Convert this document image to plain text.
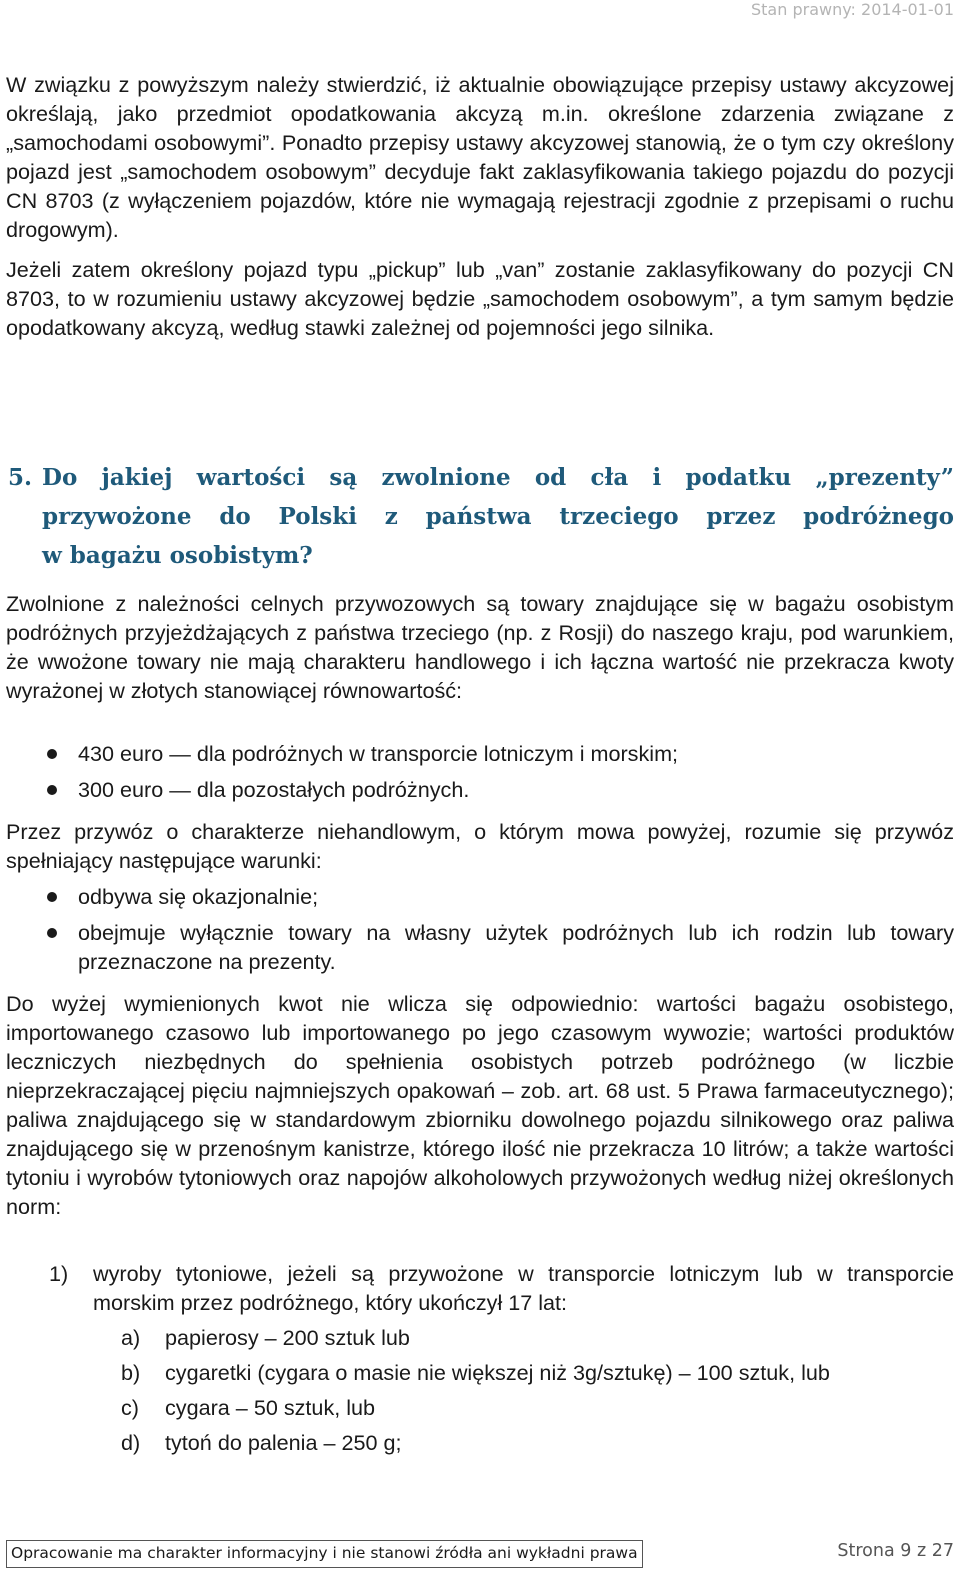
Stan prawny: 2014-01-01

W związku z powyższym należy stwierdzić, iż aktualnie obowiązujące przepisy ustawy akcyzowej określają, jako przedmiot opodatkowania akcyzą m.in. określone zdarzenia związane z „samochodami osobowymi”. Ponadto przepisy ustawy akcyzowej stanowią, że o tym czy określony pojazd jest „samochodem osobowym” decyduje fakt zaklasyfikowania takiego pojazdu do pozycji CN 8703 (z wyłączeniem pojazdów, które nie wymagają rejestracji zgodnie z przepisami o ruchu drogowym).

Jeżeli zatem określony pojazd typu „pickup” lub „van” zostanie zaklasyfikowany do pozycji CN 8703, to w rozumieniu ustawy akcyzowej będzie „samochodem osobowym”, a tym samym będzie opodatkowany akcyzą, według stawki zależnej od pojemności jego silnika.

5. Do jakiej wartości są zwolnione od cła i podatku „prezenty”
przywożone do Polski z państwa trzeciego przez podróżnego
w bagażu osobistym?

Zwolnione z należności celnych przywozowych są towary znajdujące się w bagażu osobistym podróżnych przyjeżdżających z państwa trzeciego (np. z Rosji) do naszego kraju, pod warunkiem, że wwożone towary nie mają charakteru handlowego i ich łączna wartość nie przekracza kwoty wyrażonej w złotych stanowiącej równowartość:

430 euro — dla podróżnych w transporcie lotniczym i morskim;
300 euro — dla pozostałych podróżnych.

Przez przywóz o charakterze niehandlowym, o którym mowa powyżej, rozumie się przywóz spełniający następujące warunki:

odbywa się okazjonalnie;
obejmuje wyłącznie towary na własny użytek podróżnych lub ich rodzin lub towary przeznaczone na prezenty.

Do wyżej wymienionych kwot nie wlicza się odpowiednio: wartości bagażu osobistego, importowanego czasowo lub importowanego po jego czasowym wywozie; wartości produktów leczniczych niezbędnych do spełnienia osobistych potrzeb podróżnego (w liczbie nieprzekraczającej pięciu najmniejszych opakowań – zob. art. 68 ust. 5 Prawa farmaceutycznego); paliwa znajdującego się w standardowym zbiorniku dowolnego pojazdu silnikowego oraz paliwa znajdującego się w przenośnym kanistrze, którego ilość nie przekracza 10 litrów; a także wartości tytoniu i wyrobów tytoniowych oraz napojów alkoholowych przywożonych według niżej określonych norm:

1) wyroby tytoniowe, jeżeli są przywożone w transporcie lotniczym lub w transporcie morskim przez podróżnego, który ukończył 17 lat:
a) papierosy – 200 sztuk lub
b) cygaretki (cygara o masie nie większej niż 3g/sztukę) – 100 sztuk, lub
c) cygara – 50 sztuk, lub
d) tytoń do palenia – 250 g;
Opracowanie ma charakter informacyjny i nie stanowi źródła ani wykładni prawa	Strona 9 z 27
